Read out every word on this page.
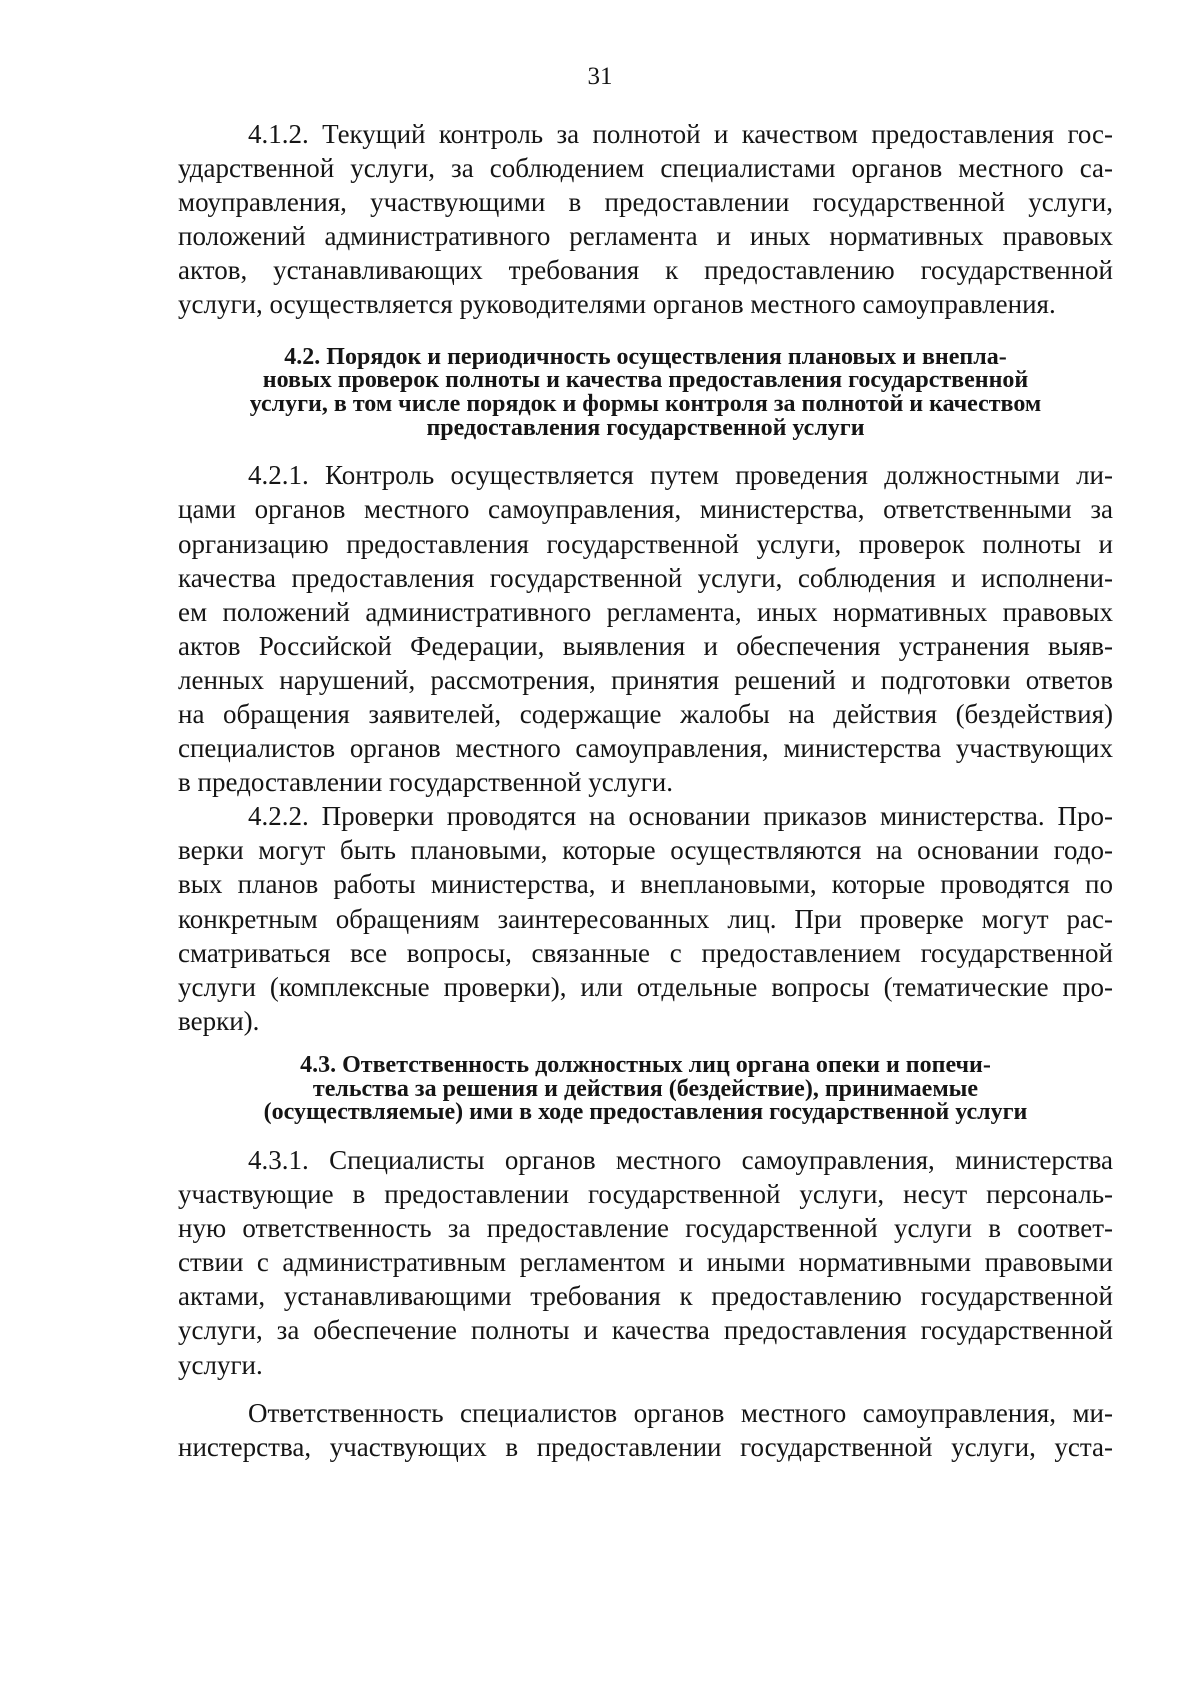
31
4.1.2. Текущий контроль за полнотой и качеством предоставления гос-
ударственной услуги, за соблюдением специалистами органов местного са-
моуправления, участвующими в предоставлении государственной услуги,
положений административного регламента и иных нормативных правовых
актов, устанавливающих требования к предоставлению государственной
услуги, осуществляется руководителями органов местного самоуправления.
4.2. Порядок и периодичность осуществления плановых и внепла-
новых проверок полноты и качества предоставления государственной
услуги, в том числе порядок и формы контроля за полнотой и качеством
предоставления государственной услуги
4.2.1. Контроль осуществляется путем проведения должностными ли-
цами органов местного самоуправления, министерства, ответственными за
организацию предоставления государственной услуги, проверок полноты и
качества предоставления государственной услуги, соблюдения и исполнени-
ем положений административного регламента, иных нормативных правовых
актов Российской Федерации, выявления и обеспечения устранения выяв-
ленных нарушений, рассмотрения, принятия решений и подготовки ответов
на обращения заявителей, содержащие жалобы на действия (бездействия)
специалистов органов местного самоуправления, министерства участвующих
в предоставлении государственной услуги.
4.2.2. Проверки проводятся на основании приказов министерства. Про-
верки могут быть плановыми, которые осуществляются на основании годо-
вых планов работы министерства, и внеплановыми, которые проводятся по
конкретным обращениям заинтересованных лиц. При проверке могут рас-
сматриваться все вопросы, связанные с предоставлением государственной
услуги (комплексные проверки), или отдельные вопросы (тематические про-
верки).
4.3. Ответственность должностных лиц органа опеки и попечи-
тельства за решения и действия (бездействие), принимаемые
(осуществляемые) ими в ходе предоставления государственной услуги
4.3.1. Специалисты органов местного самоуправления, министерства
участвующие в предоставлении государственной услуги, несут персональ-
ную ответственность за предоставление государственной услуги в соответ-
ствии с административным регламентом и иными нормативными правовыми
актами, устанавливающими требования к предоставлению государственной
услуги, за обеспечение полноты и качества предоставления государственной
услуги.
Ответственность специалистов органов местного самоуправления, ми-
нистерства, участвующих в предоставлении государственной услуги, уста-
